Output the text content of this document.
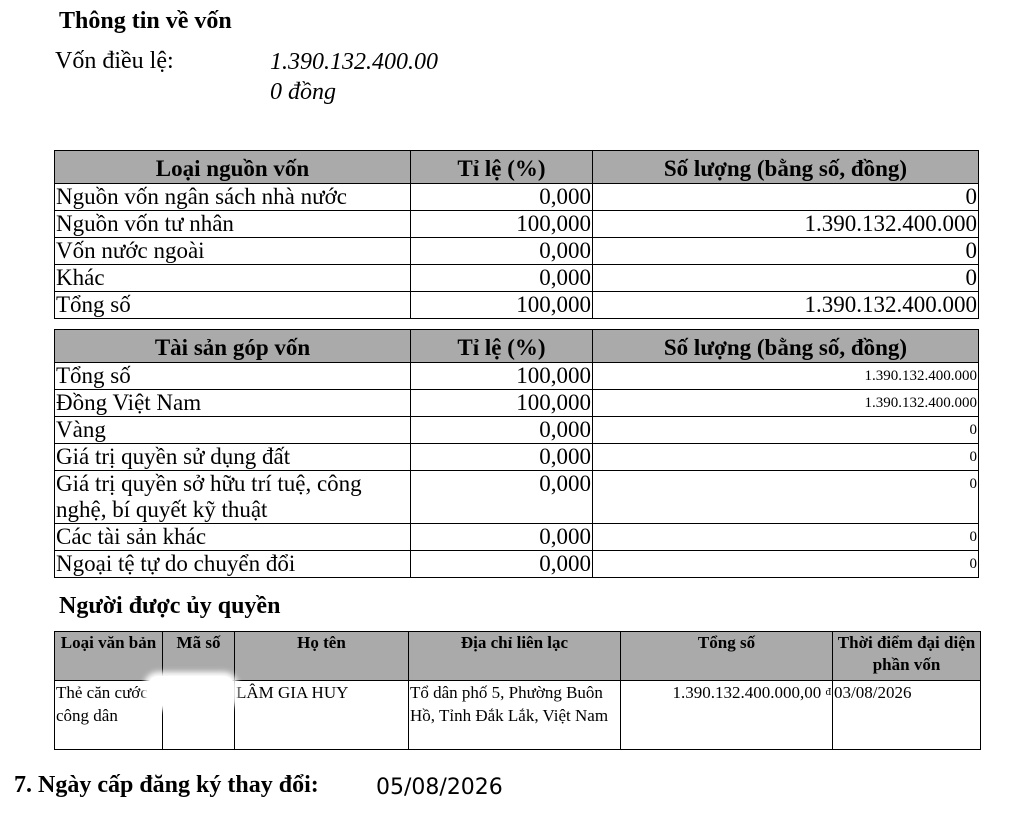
Thông tin về vốn
Vốn điều lệ:	1.390.132.400.00
0 đồng
Loại nguồn vốn	Tỉ lệ (%)	Số lượng (bằng số, đồng)
Nguồn vốn ngân sách nhà nước	0,000	0
Nguồn vốn tư nhân	100,000	1.390.132.400.000
Vốn nước ngoài	0,000	0
Khác	0,000	0
Tổng số	100,000	1.390.132.400.000
Tài sản góp vốn	Tỉ lệ (%)	Số lượng (bằng số, đồng)
Tổng số	100,000	1.390.132.400.000
Đồng Việt Nam	100,000	1.390.132.400.000
Vàng	0,000	0
Giá trị quyền sử dụng đất	0,000	0
Giá trị quyền sở hữu trí tuệ, công nghệ, bí quyết kỹ thuật	0,000	0
Các tài sản khác	0,000	0
Ngoại tệ tự do chuyển đổi	0,000	0
Người được ủy quyền
Loại văn bản	Mã số	Họ tên	Địa chỉ liên lạc	Tổng số	Thời điểm đại diện phần vốn
Thẻ căn cước công dân		LÂM GIA HUY	Tổ dân phố 5, Phường Buôn Hồ, Tỉnh Đắk Lắk, Việt Nam	1.390.132.400.000,00 $^đ$	03/08/2026
7. Ngày cấp đăng ký thay đổi:	05/08/2026
